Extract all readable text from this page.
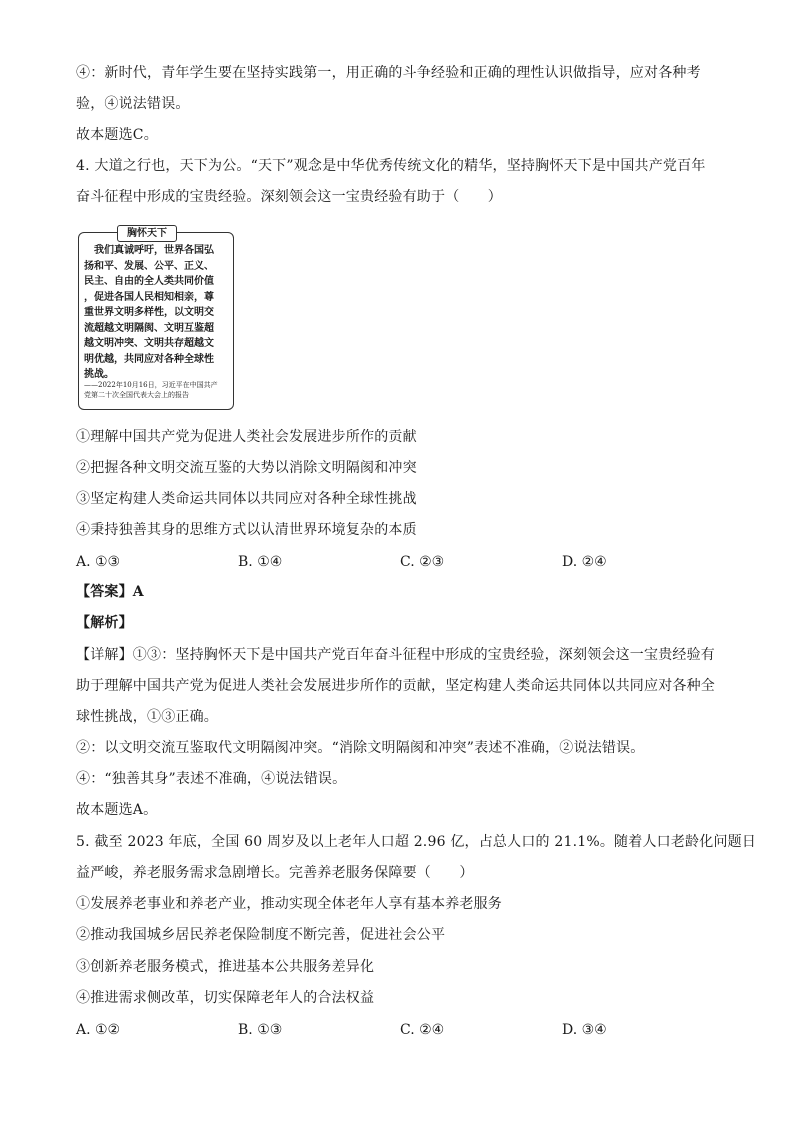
④：新时代，青年学生要在坚持实践第一，用正确的斗争经验和正确的理性认识做指导，应对各种考
验，④说法错误。
故本题选C。
4. 大道之行也，天下为公。“天下”观念是中华优秀传统文化的精华，坚持胸怀天下是中国共产党百年
奋斗征程中形成的宝贵经验。深刻领会这一宝贵经验有助于（　　）
胸怀天下
　我们真诚呼吁，世界各国弘
扬和平、发展、公平、正义、
民主、自由的全人类共同价值
，促进各国人民相知相亲，尊
重世界文明多样性，以文明交
流超越文明隔阂、文明互鉴超
越文明冲突、文明共存超越文
明优越，共同应对各种全球性
挑战。
——2022年10月16日，习近平在中国共产
党第二十次全国代表大会上的报告
①理解中国共产党为促进人类社会发展进步所作的贡献
②把握各种文明交流互鉴的大势以消除文明隔阂和冲突
③坚定构建人类命运共同体以共同应对各种全球性挑战
④秉持独善其身的思维方式以认清世界环境复杂的本质
A. ①③	B. ①④	C. ②③	D. ②④
【答案】A
【解析】
【详解】①③：坚持胸怀天下是中国共产党百年奋斗征程中形成的宝贵经验，深刻领会这一宝贵经验有
助于理解中国共产党为促进人类社会发展进步所作的贡献，坚定构建人类命运共同体以共同应对各种全
球性挑战，①③正确。
②：以文明交流互鉴取代文明隔阂冲突。“消除文明隔阂和冲突”表述不准确，②说法错误。
④：“独善其身”表述不准确，④说法错误。
故本题选A。
5. 截至 2023 年底，全国 60 周岁及以上老年人口超 2.96 亿，占总人口的 21.1%。随着人口老龄化问题日
益严峻，养老服务需求急剧增长。完善养老服务保障要（　　）
①发展养老事业和养老产业，推动实现全体老年人享有基本养老服务
②推动我国城乡居民养老保险制度不断完善，促进社会公平
③创新养老服务模式，推进基本公共服务差异化
④推进需求侧改革，切实保障老年人的合法权益
A. ①②	B. ①③	C. ②④	D. ③④
